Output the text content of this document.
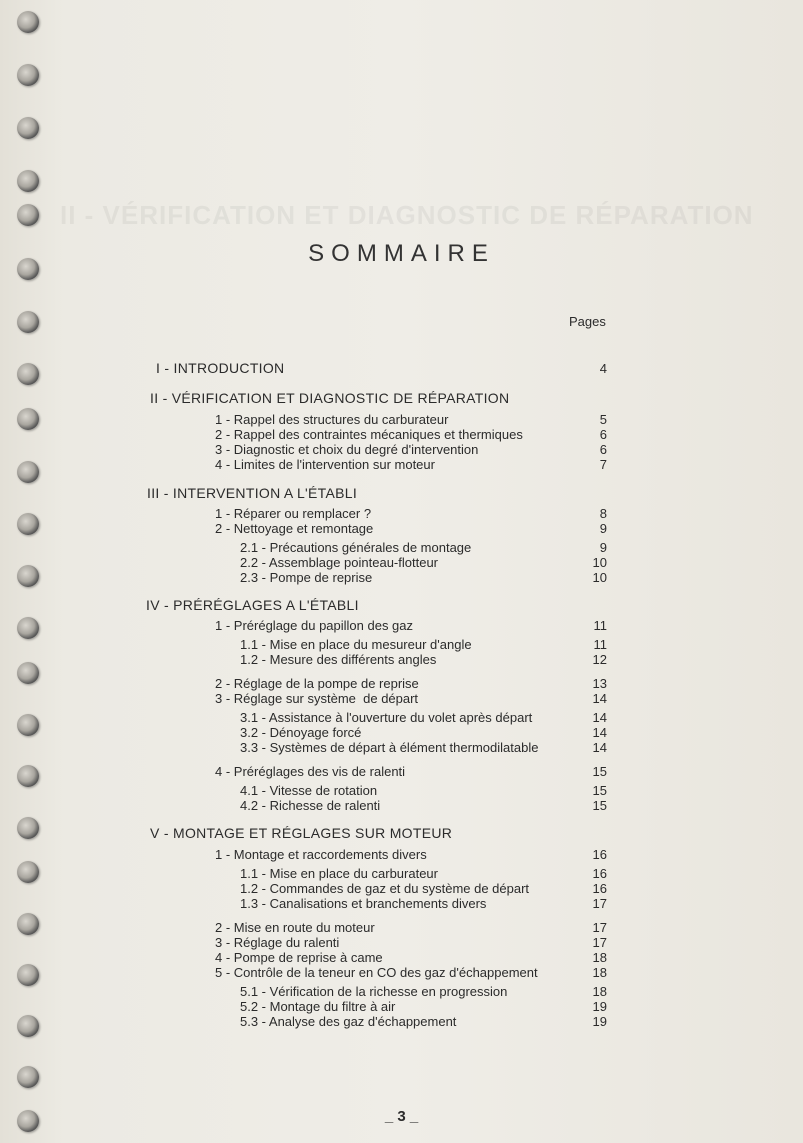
II - VÉRIFICATION ET DIAGNOSTIC DE RÉPARATION
SOMMAIRE
Pages
I - INTRODUCTION	4
II - VÉRIFICATION ET DIAGNOSTIC DE RÉPARATION
1 - Rappel des structures du carburateur	5
2 - Rappel des contraintes mécaniques et thermiques	6
3 - Diagnostic et choix du degré d'intervention	6
4 - Limites de l'intervention sur moteur	7
III - INTERVENTION A L'ÉTABLI
1 - Réparer ou remplacer ?	8
2 - Nettoyage et remontage	9
2.1 - Précautions générales de montage	9
2.2 - Assemblage pointeau-flotteur	10
2.3 - Pompe de reprise	10
IV - PRÉRÉGLAGES A L'ÉTABLI
1 - Préréglage du papillon des gaz	11
1.1 - Mise en place du mesureur d'angle	11
1.2 - Mesure des différents angles	12
2 - Réglage de la pompe de reprise	13
3 - Réglage sur système  de départ	14
3.1 - Assistance à l'ouverture du volet après départ	14
3.2 - Dénoyage forcé	14
3.3 - Systèmes de départ à élément thermodilatable	14
4 - Préréglages des vis de ralenti	15
4.1 - Vitesse de rotation	15
4.2 - Richesse de ralenti	15
V - MONTAGE ET RÉGLAGES SUR MOTEUR
1 - Montage et raccordements divers	16
1.1 - Mise en place du carburateur	16
1.2 - Commandes de gaz et du système de départ	16
1.3 - Canalisations et branchements divers	17
2 - Mise en route du moteur	17
3 - Réglage du ralenti	17
4 - Pompe de reprise à came	18
5 - Contrôle de la teneur en CO des gaz d'échappement	18
5.1 - Vérification de la richesse en progression	18
5.2 - Montage du filtre à air	19
5.3 - Analyse des gaz d'échappement	19
_ 3 _
